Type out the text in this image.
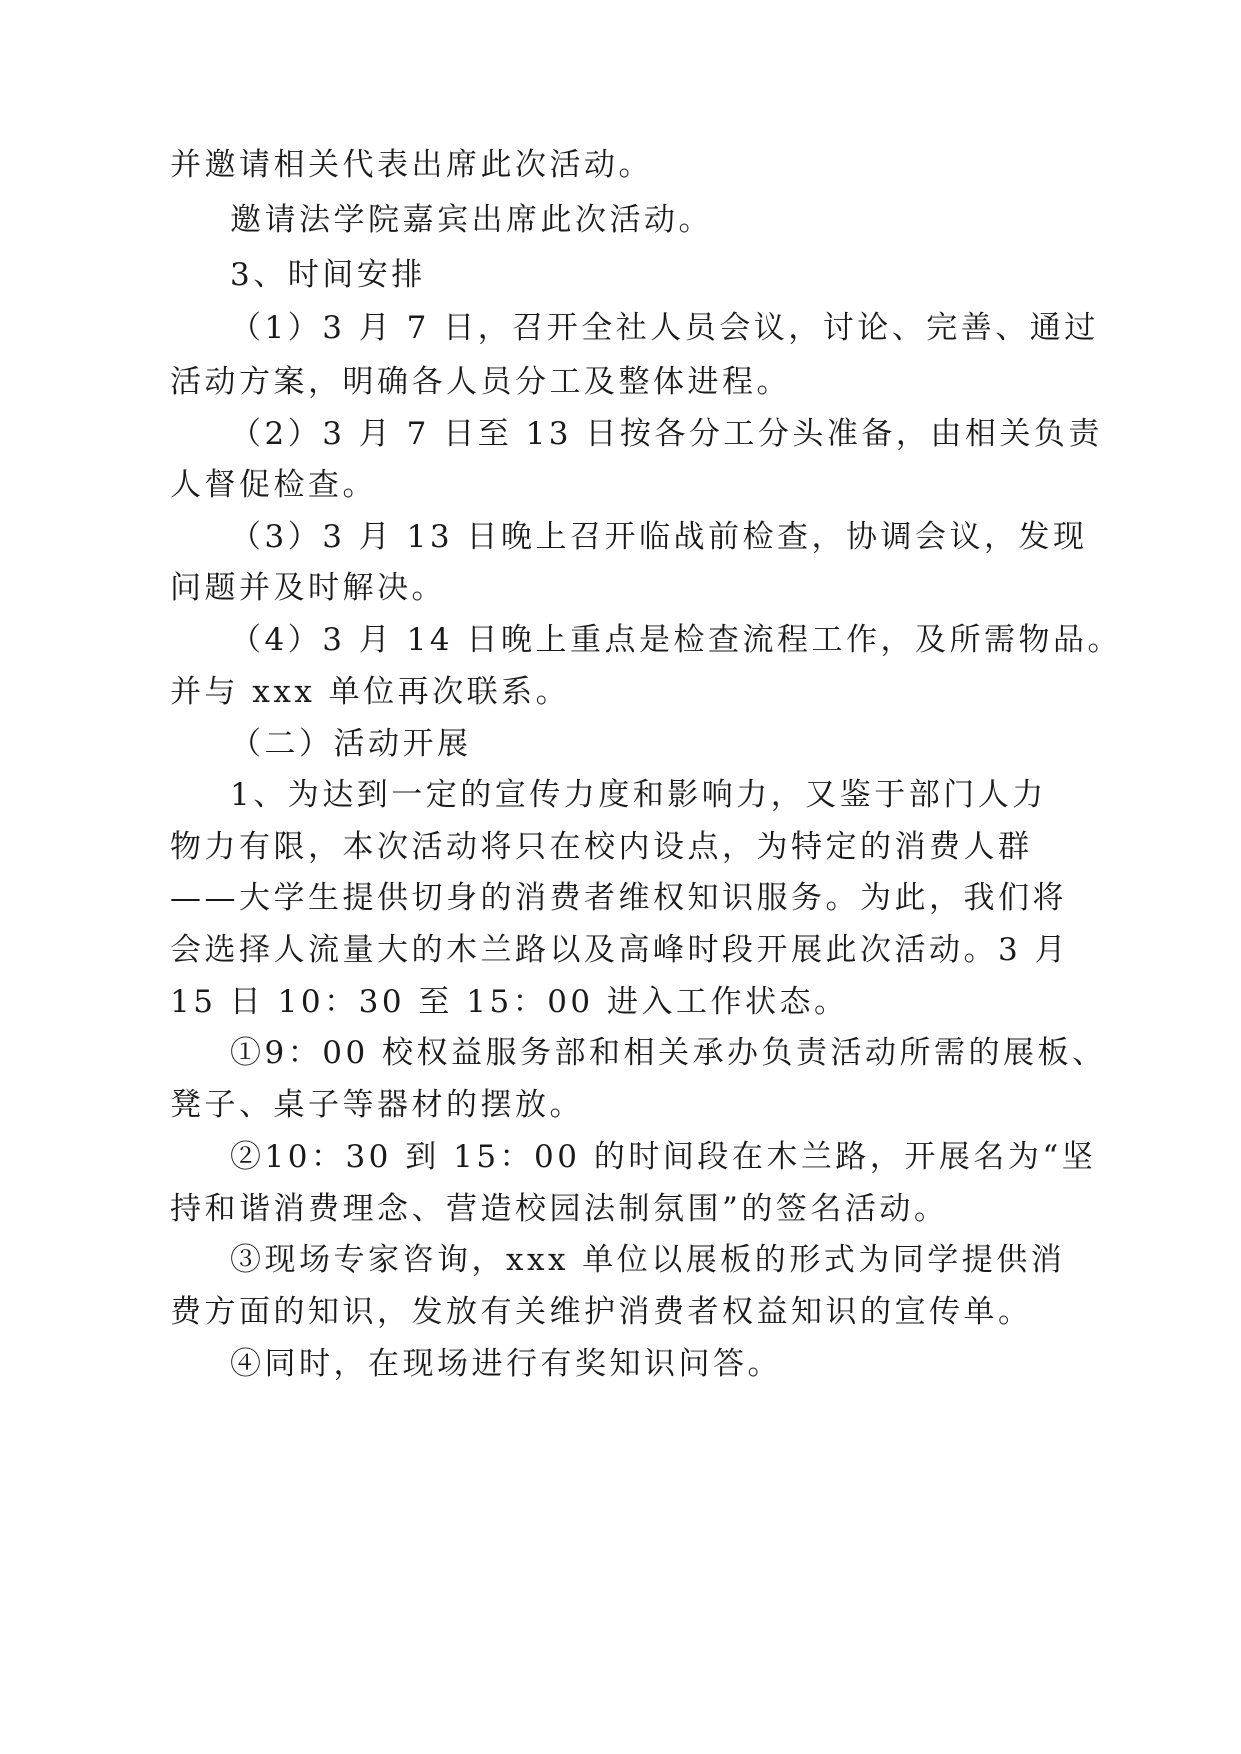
并邀请相关代表出席此次活动。
邀请法学院嘉宾出席此次活动。
3、时间安排
（1）3 月 7 日，召开全社人员会议，讨论、完善、通过
活动方案，明确各人员分工及整体进程。
（2）3 月 7 日至 13 日按各分工分头准备，由相关负责
人督促检查。
（3）3 月 13 日晚上召开临战前检查，协调会议，发现
问题并及时解决。
（4）3 月 14 日晚上重点是检查流程工作，及所需物品。
并与 xxx 单位再次联系。
（二）活动开展
1、为达到一定的宣传力度和影响力，又鉴于部门人力
物力有限，本次活动将只在校内设点，为特定的消费人群
——大学生提供切身的消费者维权知识服务。为此，我们将
会选择人流量大的木兰路以及高峰时段开展此次活动。3 月
15 日 10：30 至 15：00 进入工作状态。
①9：00 校权益服务部和相关承办负责活动所需的展板、
凳子、桌子等器材的摆放。
②10：30 到 15：00 的时间段在木兰路，开展名为“坚
持和谐消费理念、营造校园法制氛围”的签名活动。
③现场专家咨询，xxx 单位以展板的形式为同学提供消
费方面的知识，发放有关维护消费者权益知识的宣传单。
④同时，在现场进行有奖知识问答。
